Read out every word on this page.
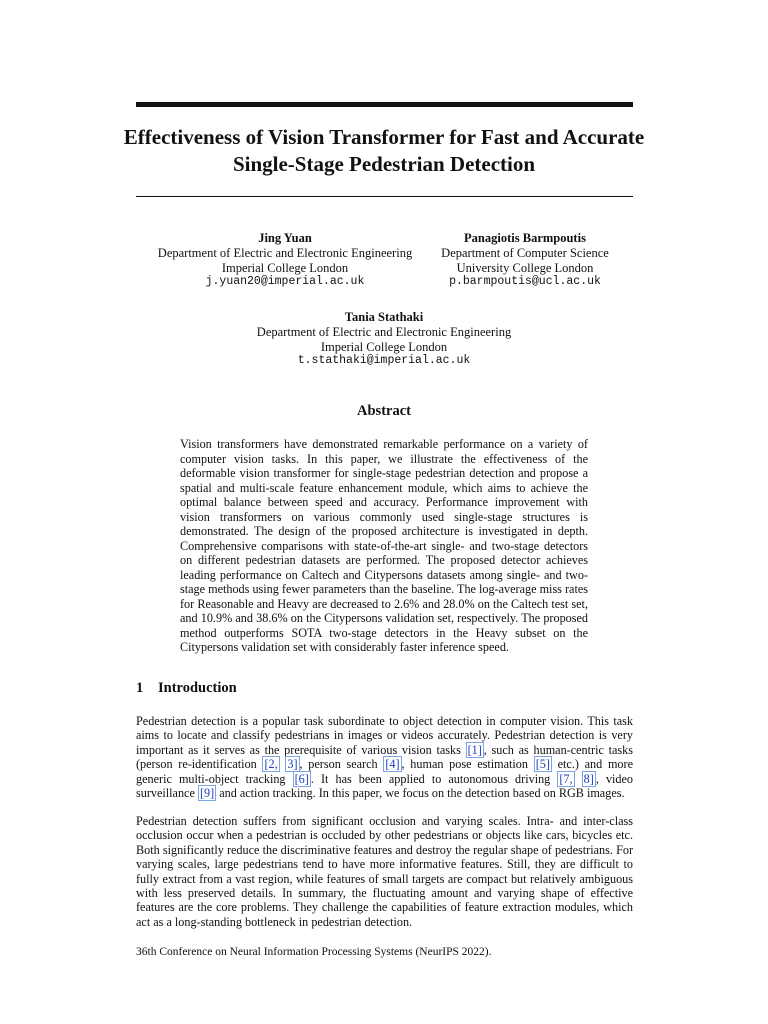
Effectiveness of Vision Transformer for Fast and Accurate Single-Stage Pedestrian Detection
Jing Yuan
Department of Electric and Electronic Engineering
Imperial College London
j.yuan20@imperial.ac.uk
Panagiotis Barmpoutis
Department of Computer Science
University College London
p.barmpoutis@ucl.ac.uk
Tania Stathaki
Department of Electric and Electronic Engineering
Imperial College London
t.stathaki@imperial.ac.uk
Abstract

Vision transformers have demonstrated remarkable performance on a variety of computer vision tasks. In this paper, we illustrate the effectiveness of the deformable vision transformer for single-stage pedestrian detection and propose a spatial and multi-scale feature enhancement module, which aims to achieve the optimal balance between speed and accuracy. Performance improvement with vision transformers on various commonly used single-stage structures is demonstrated. The design of the proposed architecture is investigated in depth. Comprehensive comparisons with state-of-the-art single- and two-stage detectors on different pedestrian datasets are performed. The proposed detector achieves leading performance on Caltech and Citypersons datasets among single- and two-stage methods using fewer parameters than the baseline. The log-average miss rates for Reasonable and Heavy are decreased to 2.6% and 28.0% on the Caltech test set, and 10.9% and 38.6% on the Citypersons validation set, respectively. The proposed method outperforms SOTA two-stage detectors in the Heavy subset on the Citypersons validation set with considerably faster inference speed.

1 Introduction

Pedestrian detection is a popular task subordinate to object detection in computer vision. This task aims to locate and classify pedestrians in images or videos accurately. Pedestrian detection is very important as it serves as the prerequisite of various vision tasks [1] , such as human-centric tasks (person re-identification [2, 3] , person search [4] , human pose estimation [5] etc.) and more generic multi-object tracking [6] . It has been applied to autonomous driving [7, 8] , video surveillance [9] and action tracking. In this paper, we focus on the detection based on RGB images.

Pedestrian detection suffers from significant occlusion and varying scales. Intra- and inter-class occlusion occur when a pedestrian is occluded by other pedestrians or objects like cars, bicycles etc. Both significantly reduce the discriminative features and destroy the regular shape of pedestrians. For varying scales, large pedestrians tend to have more informative features. Still, they are difficult to fully extract from a vast region, while features of small targets are compact but relatively ambiguous with less preserved details. In summary, the fluctuating amount and varying shape of effective features are the core problems. They challenge the capabilities of feature extraction modules, which act as a long-standing bottleneck in pedestrian detection.

36th Conference on Neural Information Processing Systems (NeurIPS 2022).
